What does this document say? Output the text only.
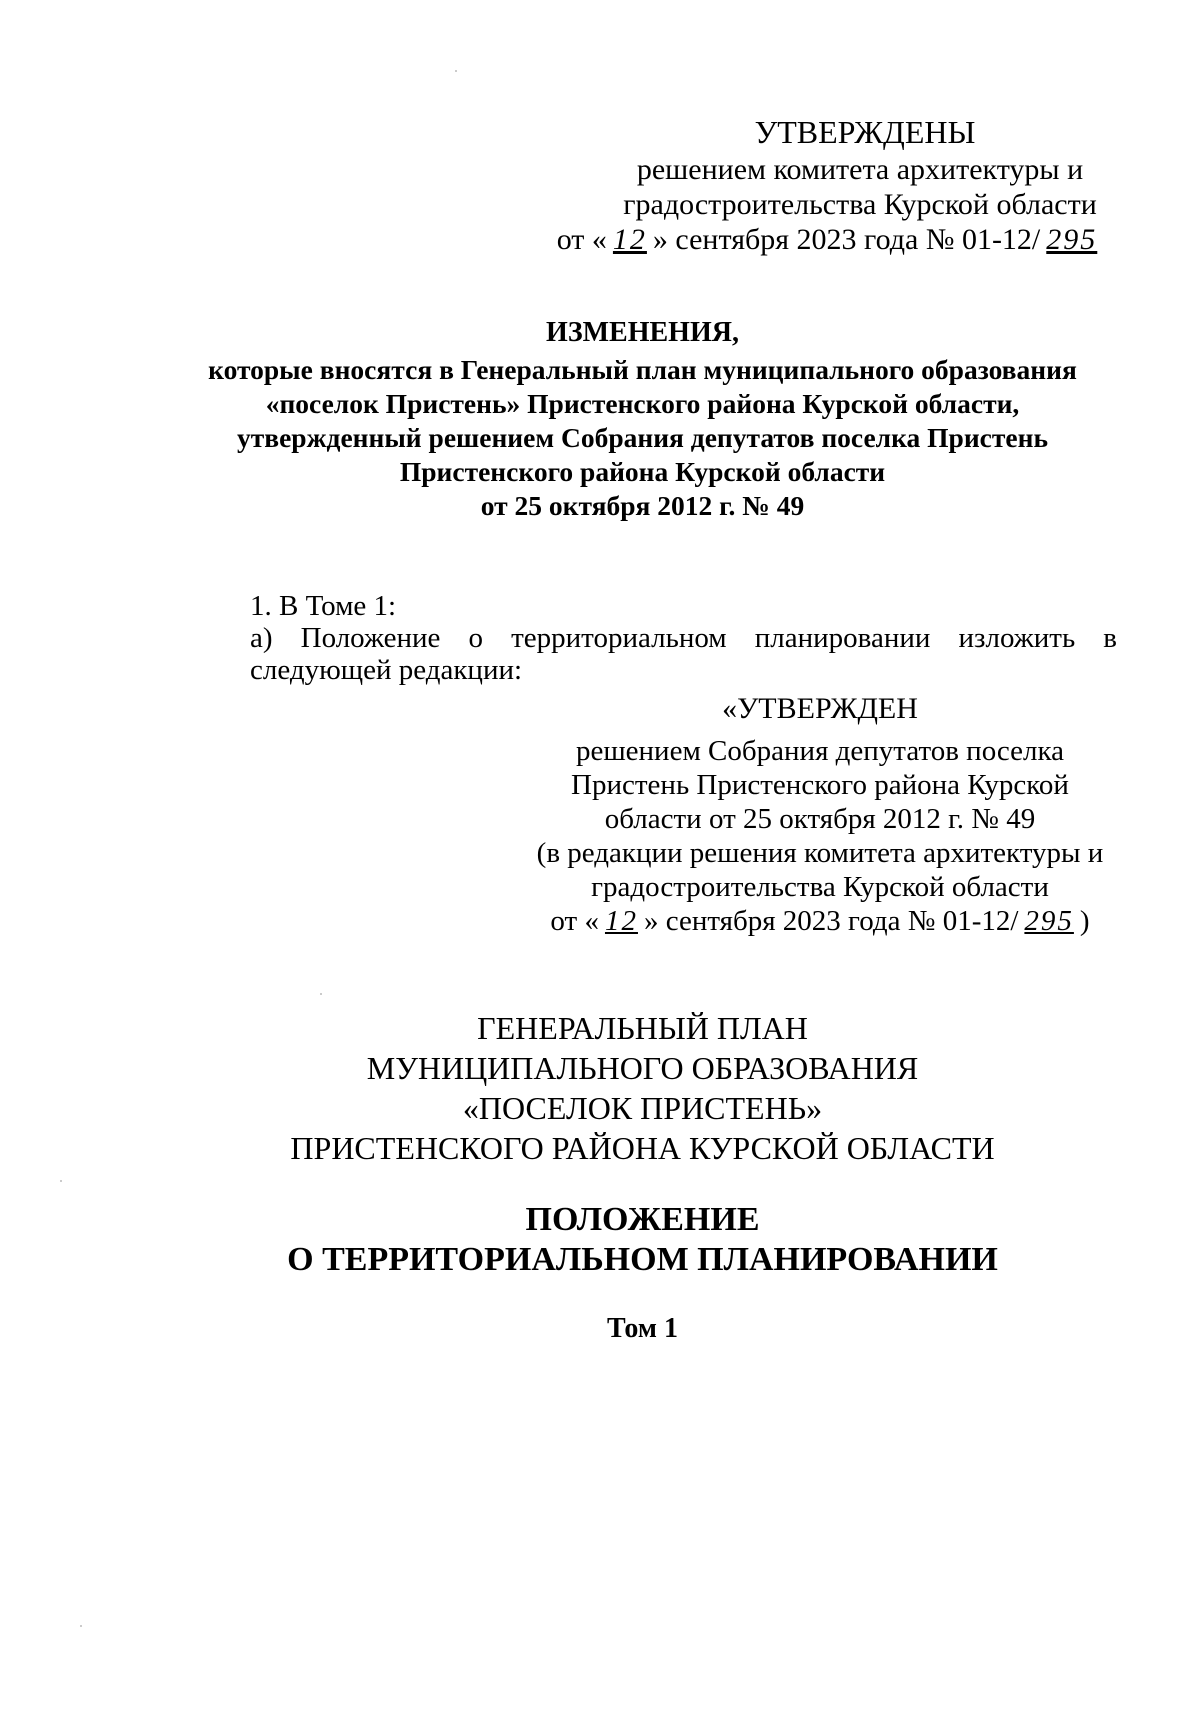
УТВЕРЖДЕНЫ
решением комитета архитектуры и
градостроительства Курской области
от « 12 » сентября 2023 года № 01-12/ 295
ИЗМЕНЕНИЯ,
которые вносятся в Генеральный план муниципального образования
«поселок Пристень» Пристенского района Курской области,
утвержденный решением Собрания депутатов поселка Пристень
Пристенского района Курской области
от 25 октября 2012 г. № 49
1. В Томе 1:
а) Положение о территориальном планировании изложить в
следующей редакции:
«УТВЕРЖДЕН
решением Собрания депутатов поселка
Пристень Пристенского района Курской
области от 25 октября 2012 г. № 49
(в редакции решения комитета архитектуры и
градостроительства Курской области
от « 12 » сентября 2023 года № 01-12/ 295 )
ГЕНЕРАЛЬНЫЙ ПЛАН
МУНИЦИПАЛЬНОГО ОБРАЗОВАНИЯ
«ПОСЕЛОК ПРИСТЕНЬ»
ПРИСТЕНСКОГО РАЙОНА КУРСКОЙ ОБЛАСТИ
ПОЛОЖЕНИЕ
О ТЕРРИТОРИАЛЬНОМ ПЛАНИРОВАНИИ
Том 1
